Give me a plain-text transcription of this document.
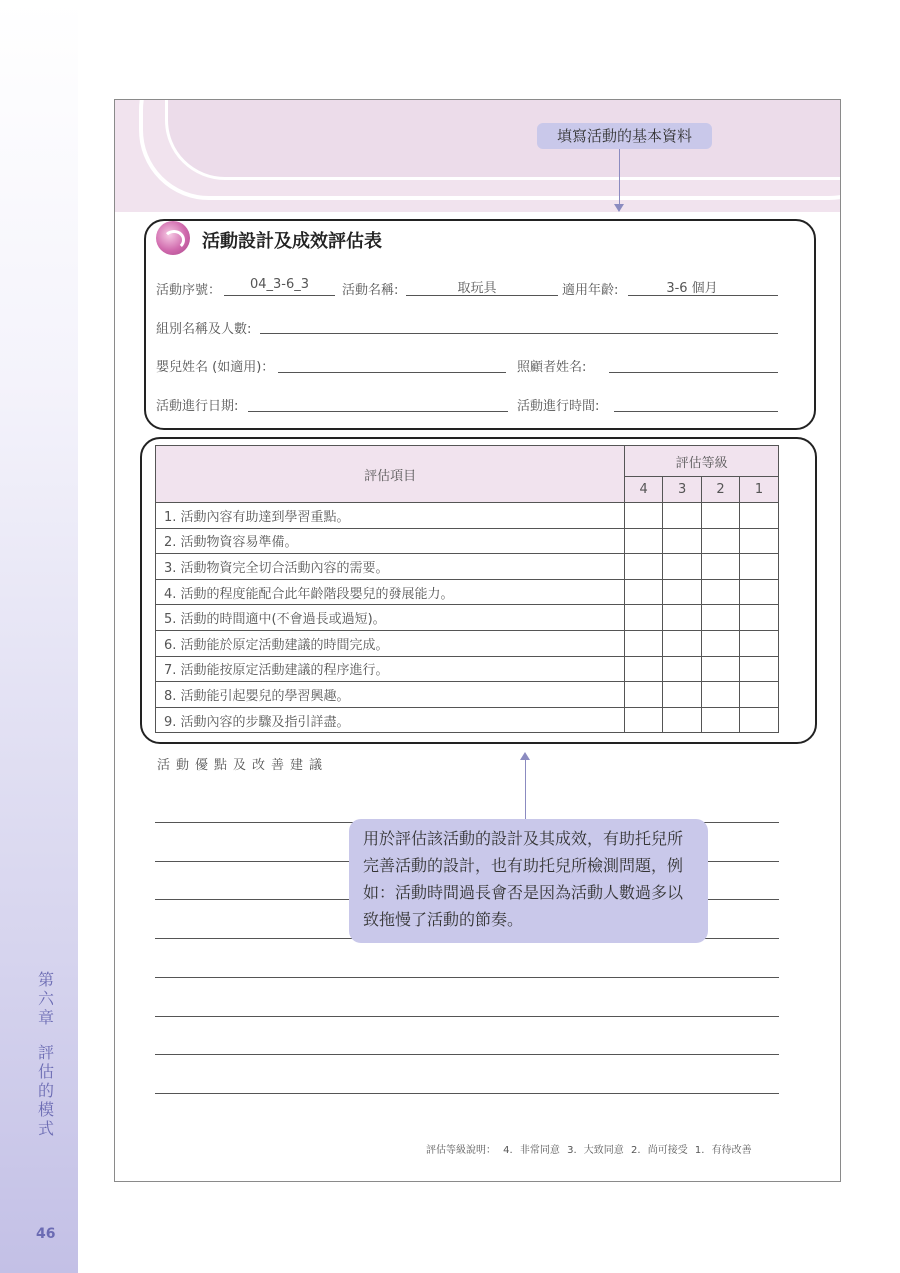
第六章
評估的模式
46
填寫活動的基本資料
活動設計及成效評估表
活動序號：	04_3-6_3	活動名稱:	取玩具	適用年齡:	3-6 個月
組別名稱及人數:
嬰兒姓名 (如適用)：	照顧者姓名:
活動進行日期:	活動進行時間:
評估項目	評估等級			
	4	3	2	1
1. 活動內容有助達到學習重點。				
2. 活動物資容易準備。				
3. 活動物資完全切合活動內容的需要。				
4. 活動的程度能配合此年齡階段嬰兒的發展能力。				
5. 活動的時間適中(不會過長或過短)。				
6. 活動能於原定活動建議的時間完成。				
7. 活動能按原定活動建議的程序進行。				
8. 活動能引起嬰兒的學習興趣。				
9. 活動內容的步驟及指引詳盡。				
活動優點及改善建議
用於評估該活動的設計及其成效，有助托兒所完善活動的設計，也有助托兒所檢測問題，例如：活動時間過長會否是因為活動人數過多以致拖慢了活動的節奏。
評估等級說明： 4. 非常同意 3. 大致同意 2. 尚可接受 1. 有待改善
